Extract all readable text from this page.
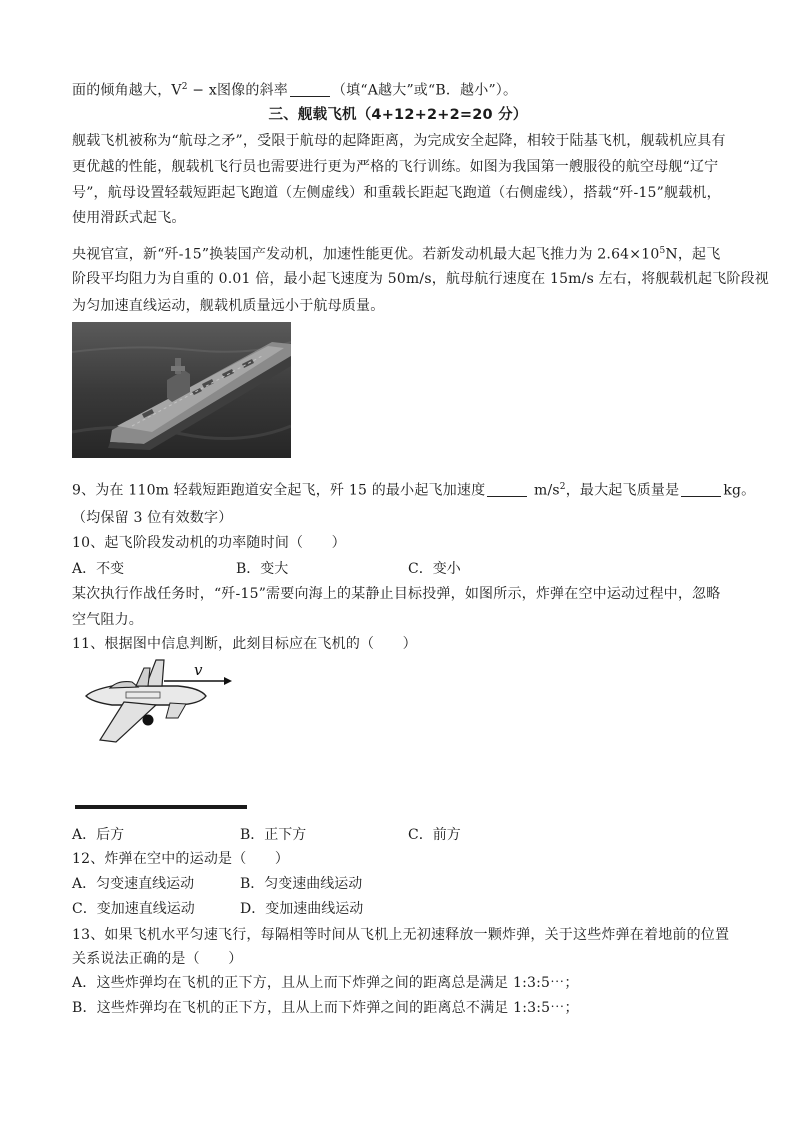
面的倾角越大，$V^2 - x$图像的斜率	（填“A越大”或“B．越小”）。
三、舰载飞机（4+12+2+2=20 分）
舰载飞机被称为“航母之矛”，受限于航母的起降距离，为完成安全起降，相较于陆基飞机，舰载机应具有
更优越的性能，舰载机飞行员也需要进行更为严格的飞行训练。如图为我国第一艘服役的航空母舰“辽宁
号”，航母设置轻载短距起飞跑道（左侧虚线）和重载长距起飞跑道（右侧虚线），搭载“歼-15”舰载机，
使用滑跃式起飞。
央视官宣，新“歼-15”换装国产发动机，加速性能更优。若新发动机最大起飞推力为 $2.64\times 10^5N$，起飞
阶段平均阻力为自重的 0.01 倍，最小起飞速度为 50m/s，航母航行速度在 15m/s 左右，将舰载机起飞阶段视
为匀加速直线运动，舰载机质量远小于航母质量。
9、为在 110m 轻载短距跑道安全起飞，歼 15 的最小起飞加速度	$m/s^2$，最大起飞质量是	kg。
（均保留 3 位有效数字）
10、起飞阶段发动机的功率随时间（　　）
A．不变	B．变大	C．变小
某次执行作战任务时，“歼-15”需要向海上的某静止目标投弹，如图所示，炸弹在空中运动过程中，忽略
空气阻力。
11、根据图中信息判断，此刻目标应在飞机的（　　）
v
A．后方	B．正下方	C．前方
12、炸弹在空中的运动是（　　）
A．匀变速直线运动	B．匀变速曲线运动
C．变加速直线运动	D．变加速曲线运动
13、如果飞机水平匀速飞行，每隔相等时间从飞机上无初速释放一颗炸弹，关于这些炸弹在着地前的位置
关系说法正确的是（　　）
A．这些炸弹均在飞机的正下方，且从上而下炸弹之间的距离总是满足 1:3:5⋯；
B．这些炸弹均在飞机的正下方，且从上而下炸弹之间的距离总不满足 1:3:5⋯；
